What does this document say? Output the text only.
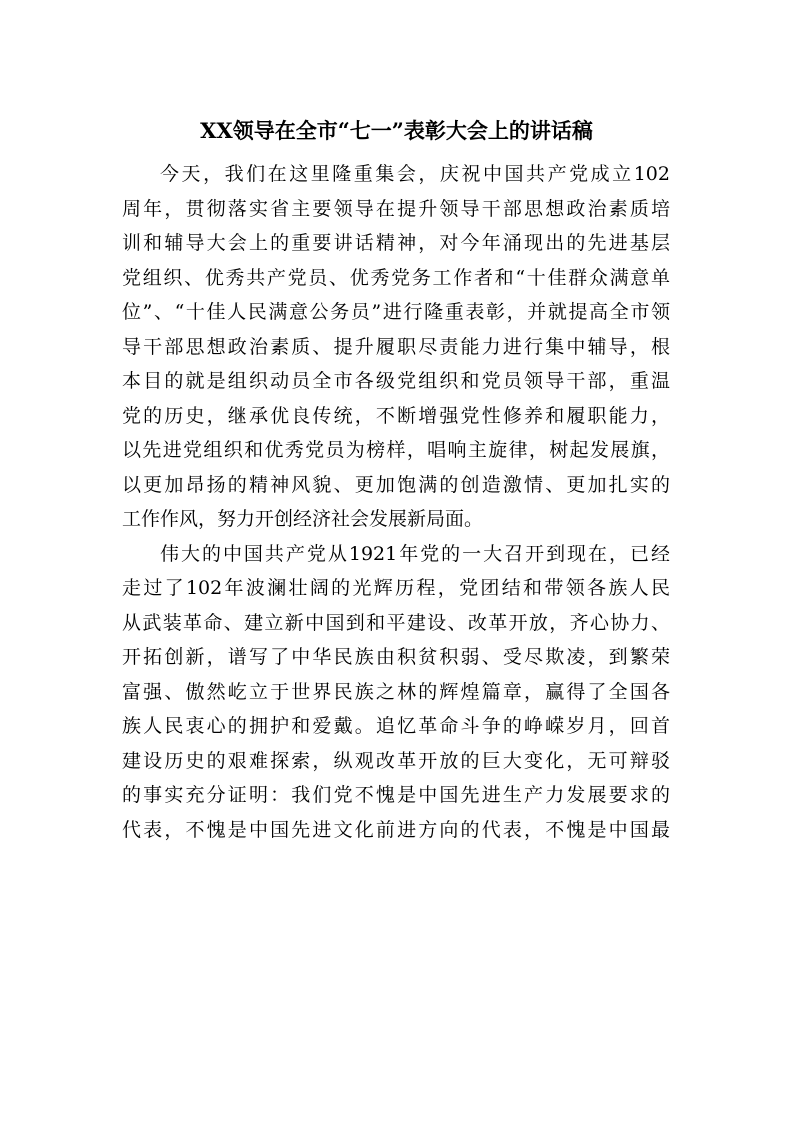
XX领导在全市“七一”表彰大会上的讲话稿
今天，我们在这里隆重集会，庆祝中国共产党成立102
周年，贯彻落实省主要领导在提升领导干部思想政治素质培
训和辅导大会上的重要讲话精神，对今年涌现出的先进基层
党组织、优秀共产党员、优秀党务工作者和“十佳群众满意单
位”、“十佳人民满意公务员”进行隆重表彰，并就提高全市领
导干部思想政治素质、提升履职尽责能力进行集中辅导，根
本目的就是组织动员全市各级党组织和党员领导干部，重温
党的历史，继承优良传统，不断增强党性修养和履职能力，
以先进党组织和优秀党员为榜样，唱响主旋律，树起发展旗，
以更加昂扬的精神风貌、更加饱满的创造激情、更加扎实的
工作作风，努力开创经济社会发展新局面。
伟大的中国共产党从1921年党的一大召开到现在，已经
走过了102年波澜壮阔的光辉历程，党团结和带领各族人民
从武装革命、建立新中国到和平建设、改革开放，齐心协力、
开拓创新，谱写了中华民族由积贫积弱、受尽欺凌，到繁荣
富强、傲然屹立于世界民族之林的辉煌篇章，赢得了全国各
族人民衷心的拥护和爱戴。追忆革命斗争的峥嵘岁月，回首
建设历史的艰难探索，纵观改革开放的巨大变化，无可辩驳
的事实充分证明：我们党不愧是中国先进生产力发展要求的
代表，不愧是中国先进文化前进方向的代表，不愧是中国最
